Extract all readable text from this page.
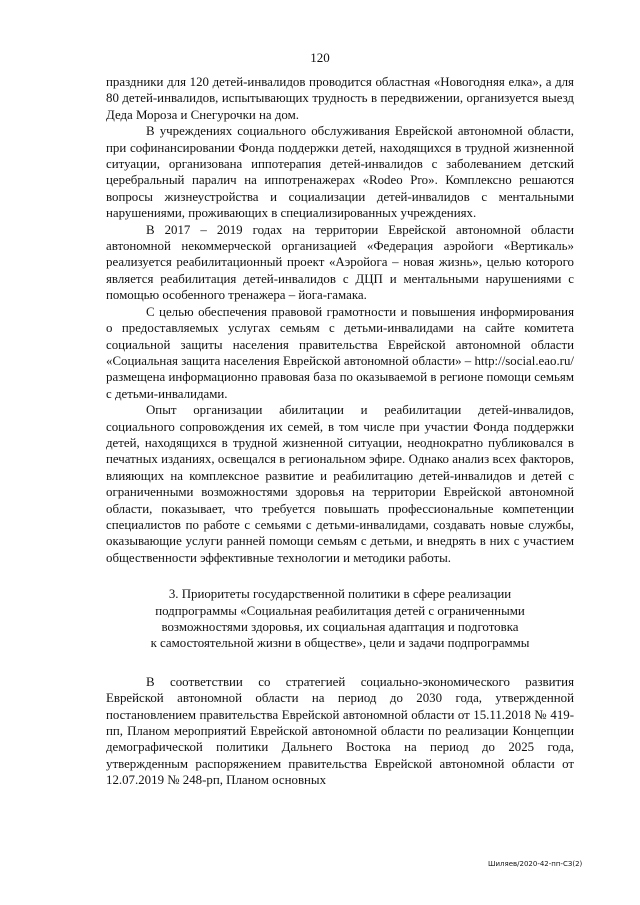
120

праздники для 120 детей-инвалидов проводится областная «Новогодняя елка», а для 80 детей-инвалидов, испытывающих трудность в передвижении, организуется выезд Деда Мороза и Снегурочки на дом.

В учреждениях социального обслуживания Еврейской автономной области, при софинансировании Фонда поддержки детей, находящихся в трудной жизненной ситуации, организована иппотерапия детей-инвалидов с заболеванием детский церебральный паралич на иппотренажерах «Rodeo Pro». Комплексно решаются вопросы жизнеустройства и социализации детей-инвалидов с ментальными нарушениями, проживающих в специализированных учреждениях.

В 2017 – 2019 годах на территории Еврейской автономной области автономной некоммерческой организацией «Федерация аэройоги «Вертикаль» реализуется реабилитационный проект «Аэройога – новая жизнь», целью которого является реабилитация детей-инвалидов с ДЦП и ментальными нарушениями с помощью особенного тренажера – йога-гамака.

С целью обеспечения правовой грамотности и повышения информирования о предоставляемых услугах семьям с детьми-инвалидами на сайте комитета социальной защиты населения правительства Еврейской автономной области «Социальная защита населения Еврейской автономной области» – http://social.eao.ru/ размещена информационно правовая база по оказываемой в регионе помощи семьям с детьми-инвалидами.

Опыт организации абилитации и реабилитации детей-инвалидов, социального сопровождения их семей, в том числе при участии Фонда поддержки детей, находящихся в трудной жизненной ситуации, неоднократно публиковался в печатных изданиях, освещался в региональном эфире. Однако анализ всех факторов, влияющих на комплексное развитие и реабилитацию детей-инвалидов и детей с ограниченными возможностями здоровья на территории Еврейской автономной области, показывает, что требуется повышать профессиональные компетенции специалистов по работе с семьями с детьми-инвалидами, создавать новые службы, оказывающие услуги ранней помощи семьям с детьми, и внедрять в них с участием общественности эффективные технологии и методики работы.

3. Приоритеты государственной политики в сфере реализации
подпрограммы «Социальная реабилитация детей с ограниченными
возможностями здоровья, их социальная адаптация и подготовка
к самостоятельной жизни в обществе», цели и задачи подпрограммы

В соответствии со стратегией социально-экономического развития Еврейской автономной области на период до 2030 года, утвержденной постановлением правительства Еврейской автономной области от 15.11.2018 № 419-пп, Планом мероприятий Еврейской автономной области по реализации Концепции демографической политики Дальнего Востока на период до 2025 года, утвержденным распоряжением правительства Еврейской автономной области от 12.07.2019 № 248-рп, Планом основных

Шиляев/2020-42-пп-СЗ(2)
